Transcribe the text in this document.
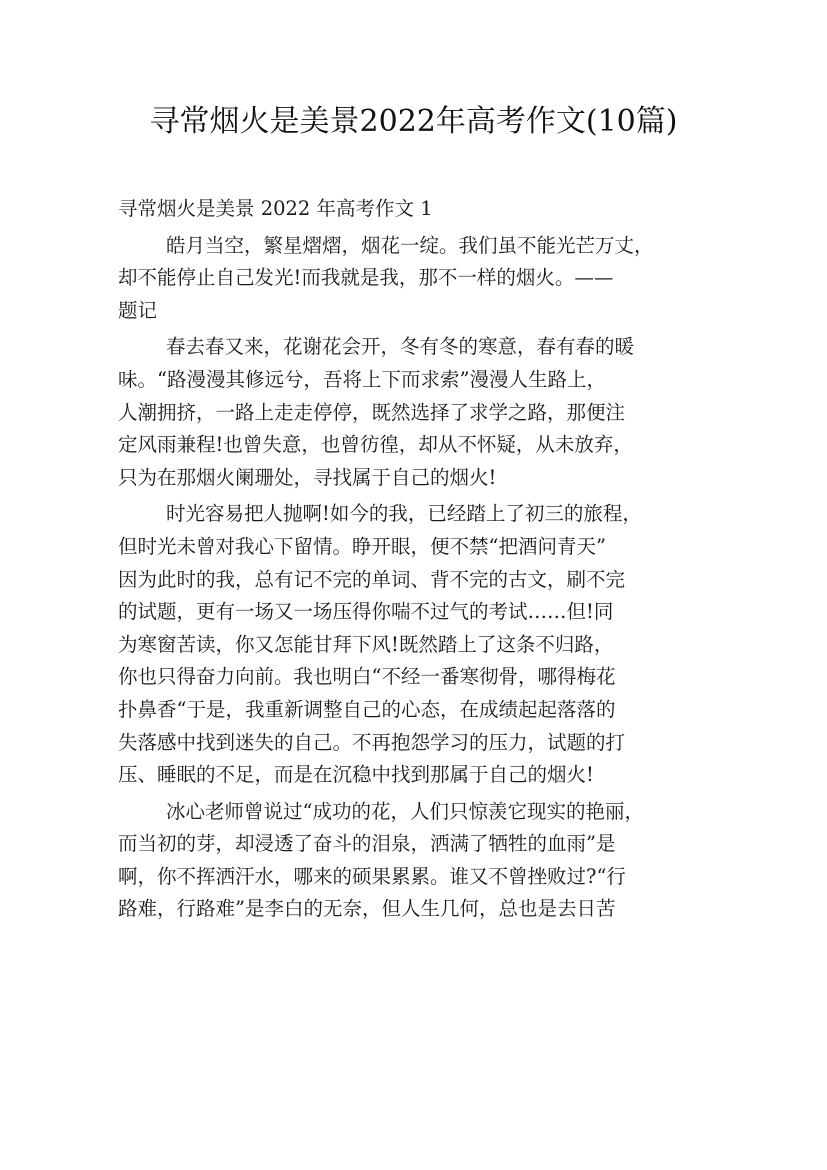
寻常烟火是美景2022年高考作文(10篇)

寻常烟火是美景 2022 年高考作文 1

皓月当空，繁星熠熠，烟花一绽。我们虽不能光芒万丈，
却不能停止自己发光!而我就是我，那不一样的烟火。——
题记

春去春又来，花谢花会开，冬有冬的寒意，春有春的暖
味。“路漫漫其修远兮，吾将上下而求索”漫漫人生路上，
人潮拥挤，一路上走走停停，既然选择了求学之路，那便注
定风雨兼程!也曾失意，也曾彷徨，却从不怀疑，从未放弃，
只为在那烟火阑珊处，寻找属于自己的烟火!

时光容易把人抛啊!如今的我，已经踏上了初三的旅程，
但时光未曾对我心下留情。睁开眼，便不禁“把酒问青天”
因为此时的我，总有记不完的单词、背不完的古文，刷不完
的试题，更有一场又一场压得你喘不过气的考试……但!同
为寒窗苦读，你又怎能甘拜下风!既然踏上了这条不归路，
你也只得奋力向前。我也明白“不经一番寒彻骨，哪得梅花
扑鼻香“于是，我重新调整自己的心态，在成绩起起落落的
失落感中找到迷失的自己。不再抱怨学习的压力，试题的打
压、睡眠的不足，而是在沉稳中找到那属于自己的烟火!

冰心老师曾说过“成功的花，人们只惊羡它现实的艳丽，
而当初的芽，却浸透了奋斗的泪泉，洒满了牺牲的血雨”是
啊，你不挥洒汗水，哪来的硕果累累。谁又不曾挫败过?“行
路难，行路难”是李白的无奈，但人生几何，总也是去日苦
